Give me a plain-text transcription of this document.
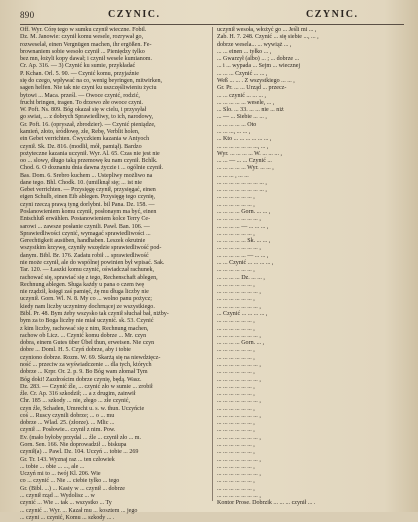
890	CZYNIC.	CZYNIC.
Off. Wyr. Córę tego w sumku czynił wieczne. Fobil.
Dz. M. Janowie: czynił komu wesele, rozrywał go,
rozweselał, einen Vergnügen machen, ihr ergößen. Fe-
brownaniem sobie wesoło czynił ... Pieniędzy tylko
bez mn, łożyli kopy dawał; i czynił wesele kumianom.
Cr. Ap. 316. — 3) Czynić ku sumie, przykładać
P. Kchan. Orl. 5. 90. — Czynić komu, przyjaźnie
się do czego, wpływać na co, wenig beyringen, mitwirken,
sagen helfen. Nie tak nie czyni ku uszczęśliwieniu życiu
bytowi ... Maca. prześl. — Owoce czynić, rodzić,
frucht bringen, tragen. To drzewo złe owoce czyni.
W. Poft. Ns. 809. Bóg okazał się w cielu, i przysyłał
go swiat, ... z dobrych Sprawiedliwy, to ich, narodowy,
Gr. Poft. 16. (opryszał, zbrodzier). — Czynić pieniądze,
kamień, złoto, śródłowę, złe, Rebę, Verblit holen,
ein Gebet verrichten. Ćwyczkiem kazania w Antyoch
czynił. Sk. Dz. 816. (modlił, mół, pamiął). Bardzo
pożyteczne kazania uczynił. Wyr. Al. 65. Czas nie jest nie
oo ... slowy, długo taką przemowę ku nam czynił. Bchlk.
Chod. 6. O doznaniu dnia dawna życzie i ... ogólnie czynił.
Bas. Dom. 6. Srebro kuchem ... Ustepliwy możliwo na
dane tego. Bhl. Chodk. 10. (umilknął się; ... ist nie
Gebet verrichten. — Przysięgę czynił, przysięgać, einen
eigen Schulb, einen Eib ablegen. Przysięgę tego czynię,
czyni rzeczą prawą tyng dorlybni. bil Pana. Dz. 158. —
Poslanowieniem komu czynił, posłonaym ma być, einen
Entschluß erwählen. Postanowieniem kolce Terry Ce-
sarowi ... zawsze posłanie czynili. Pawł. Ban. 106. —
Sprawiedliwości czynić, wymagać sprawiedliwości ...
Gerechtigkeit ausüben, handhaben. Leszek okrutnie
wszystkim krzywę, czyniły wszędzie sprawiedliwość pod-
danym. Bibl. Br. 176. Zadatu robił ... sprawiedliwość
nie może czynił, ale do wspólnej powinien był wpisać. Sak.
Tar. 120. — Łaszki komu czynić, oświadczał rachunek,
rachować się, sprawiać się z tego, Rechenschaft ablegen,
Rechnung ablegen. Sługa każdy u pana o czem twę
nie rządził, księgi zaś pamięć, żę mu długa liczby nie
uczynił. Gorn. Wl. N. 8. My co ... wolno panu pożycz;
kiedy nam liczby uczynimy dochrnącej ze wszystkiego.
Bibl. Pr. 48. Bym żeby wszysko tak czynił słuchał bał, niżby-
bym za to Boga liczby nie miał uczynić. sk. 53. Czynić
z kim liczby, rachować się z nim, Rechnung machen,
rachow ob Licz. ... Czynić komu dobrze ... Mr. czyn
dobra, einem Gutes über Übel thun, erweisen. Nie czyn
dobre ... Doml. H. 5. Czyń dobrze, aby i tobie
czyniono dobrze. Rozm. W. 69. Skarżą się na niewdzięcz-
ność ... przeciw za wyświadczenie ... dla tych, których
dobrze ... Krpr. Or. 2. p. 9. Bo Bóg wam złomał Tym
Bóg doki! Zazdrościm dobrze czynię, będą. Wasz.
Dz. 283. — Czynić źle, ... czynić zło w sumie ... zrobił
źle. Cr. Ap. 316 szkodził; ... a z drugim, zainwił
Chr. 185 ... szkody ... nie, złego ... złe czynić,
czyn źle, Schaden, Umrecht u. s. w. thun. Uczyńcie
coś ... Ruscy czynili dobrze; ... o ... mu
dobrze ... Wlad. 25. (złorze). ... Mlic ...
czynił ... Posłowie... czynił z nim. Pow.
Ev. (mało byłoby przydal ... źle ... czynił zło ... m.
Gorn. Sen. 166. Nie doprowadził ... biskupa
czynił(a) ... Pawl. Dz. 104. Uczyń ... tobie ... 269
Gr. Tr. 143. Wyznaj raz ... ten człowiek
... tobie ... obie ... ..., ale ...
Uczyń mi to ... twój Kl. 206. Wie
co ... czynić ... Nie ... ciebie tylko ... tego
Gr. (Bibl. ...) ... Kasiy w ... czynił ... dobrze
... czynił rząd ... Wydolisz ... w
czynić ... Wie ... tak ... wszystko ... Ty
... czynić ... Wyr. ... Kazał mu ... kosztem ... jego
... czyni ... czynić, Komu ... szkody ... .
uczynił wesoła, włożyć go ... Jeśli mi ... ,
Zab. H. 7. 248. Czynić ... się siebie ..., ... ,
dobrze wesela... ... wywiąż ... ,
... ... einen ... tyłko ... ,
... Gwarzył (albo) ... ; ... dobrze ...
... i ... wypada ... Sejm ... wiecznej
... ... ... Czynić ... ... ,
Weß ... ... . Z wszystkiego ... ... ,
Gr. Pr. ... ... Urząd ... przecz-
... ... czynić ... ... ... ,
... ... ... ... ... wesele, ... ,
... Slo. ... 33. ... ... nie ... niż
... — ... Siebie ... ... ,
... ... ... ... ... Oto
... ... ..., ... ... ,
... Kto ... ... ... ... ... ... ,
... ... ... ... ... ... ..., ... ,
Wyr. ... ... ... ... W. ... ... ... ,
... ... — ... ... Czynić ...
... ... ... ... ... Wyr. ... ... ,
... ... ... , ... ...
... ... ... ... ... ... ... ... ,
... ... ... ... ... ... ... ... ,
... ... ... ... ... ... ,
... ... ... ... ... ... ,
... ... ... ... Gorn. ... ... ,
... ... ... ... ... ... ... ,
... ... ... ... — ... ... ... ,
... ... ... ... ... ... ,
... ... ... ... ... Sk. ... ... ,
... ... ... ... ... ... ... ,
... ... ... ... ... — ... ... ,
... ... Czynić ... ... ... ... ,
... ... ... ... ... ... ,
... ... ... ... Dz. ... ... ,
... ... ... ... ... ... ,
... ... ... ... ... ... ... ,
... ... ... ... ... ... ,
... ... ... ... ... ... ... ,
... Czynić ... ... ... ... ,
... ... ... ... ... ... ,
... ... ... ... ... ... ,
... ... ... ... ... ... ... ,
... ... ... ... Gorn. ... ,
... ... ... ... ... ... ,
... ... ... ... ... ... ,
... ... ... ... ... ... ... ,
... ... ... ... ... ... ,
... ... ... ... ... ... ... ,
... ... ... ... ... ... ,
... ... ... ... ... ... ,
... ... ... ... ... ... ... ,
... ... ... ... ... ... ,
... ... ... ... ... ... ... ,
... ... ... ... ... ... ,
... ... ... ... ... ... ,
... ... ... ... ... ... ... ,
... ... ... ... ... ... ,
... ... ... ... ... ... ,
... ... ... ... ... ... ... ,
... ... ... ... ... ... ,
... ... ... ... ... ... ... ,
... ... ... ... ... ... ,
... ... ... ... ... ... ,
... ... ... ... ... ... ... ,
Kontor Prose. Dobrzik ... ... ... czynił ... .
